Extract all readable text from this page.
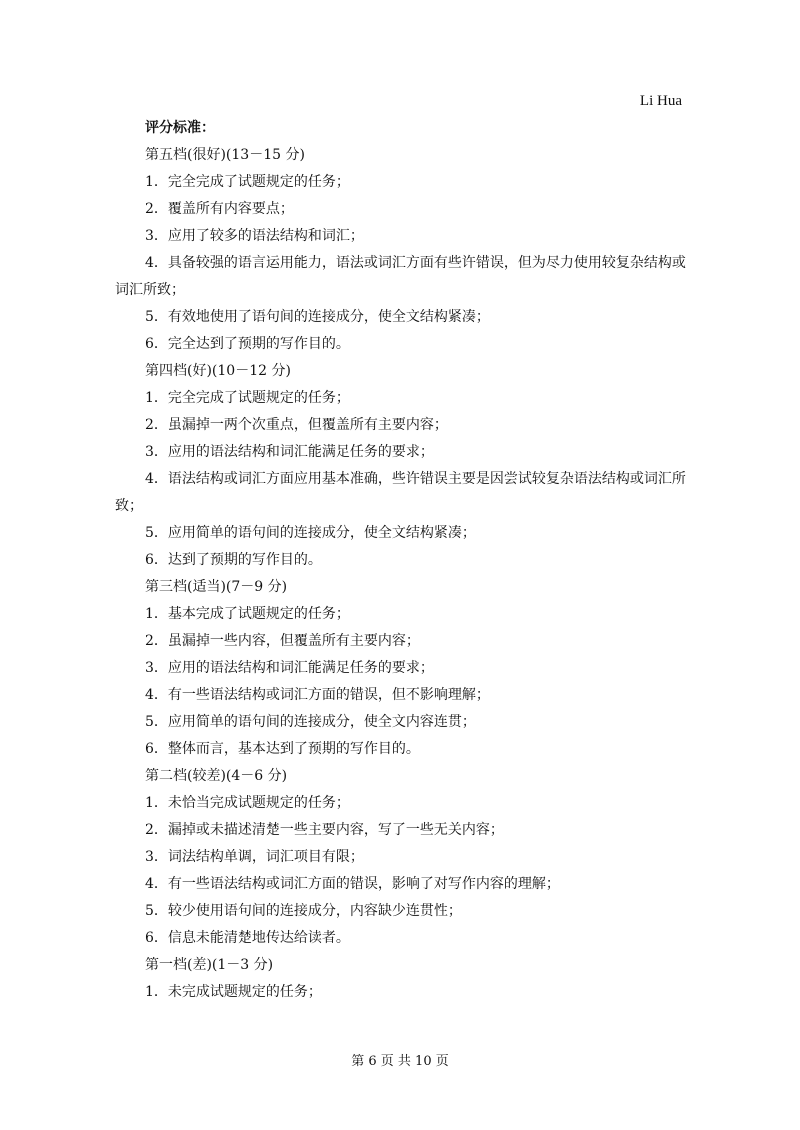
Li Hua
评分标准：
第五档(很好)(13－15 分)
1．完全完成了试题规定的任务；
2．覆盖所有内容要点；
3．应用了较多的语法结构和词汇；
4．具备较强的语言运用能力，语法或词汇方面有些许错误，但为尽力使用较复杂结构或
词汇所致；
5．有效地使用了语句间的连接成分，使全文结构紧凑；
6．完全达到了预期的写作目的。
第四档(好)(10－12 分)
1．完全完成了试题规定的任务；
2．虽漏掉一两个次重点，但覆盖所有主要内容；
3．应用的语法结构和词汇能满足任务的要求；
4．语法结构或词汇方面应用基本准确，些许错误主要是因尝试较复杂语法结构或词汇所
致；
5．应用简单的语句间的连接成分，使全文结构紧凑；
6．达到了预期的写作目的。
第三档(适当)(7－9 分)
1．基本完成了试题规定的任务；
2．虽漏掉一些内容，但覆盖所有主要内容；
3．应用的语法结构和词汇能满足任务的要求；
4．有一些语法结构或词汇方面的错误，但不影响理解；
5．应用简单的语句间的连接成分，使全文内容连贯；
6．整体而言，基本达到了预期的写作目的。
第二档(较差)(4－6 分)
1．未恰当完成试题规定的任务；
2．漏掉或未描述清楚一些主要内容，写了一些无关内容；
3．词法结构单调，词汇项目有限；
4．有一些语法结构或词汇方面的错误，影响了对写作内容的理解；
5．较少使用语句间的连接成分，内容缺少连贯性；
6．信息未能清楚地传达给读者。
第一档(差)(1－3 分)
1．未完成试题规定的任务；
第 6 页 共 10 页
